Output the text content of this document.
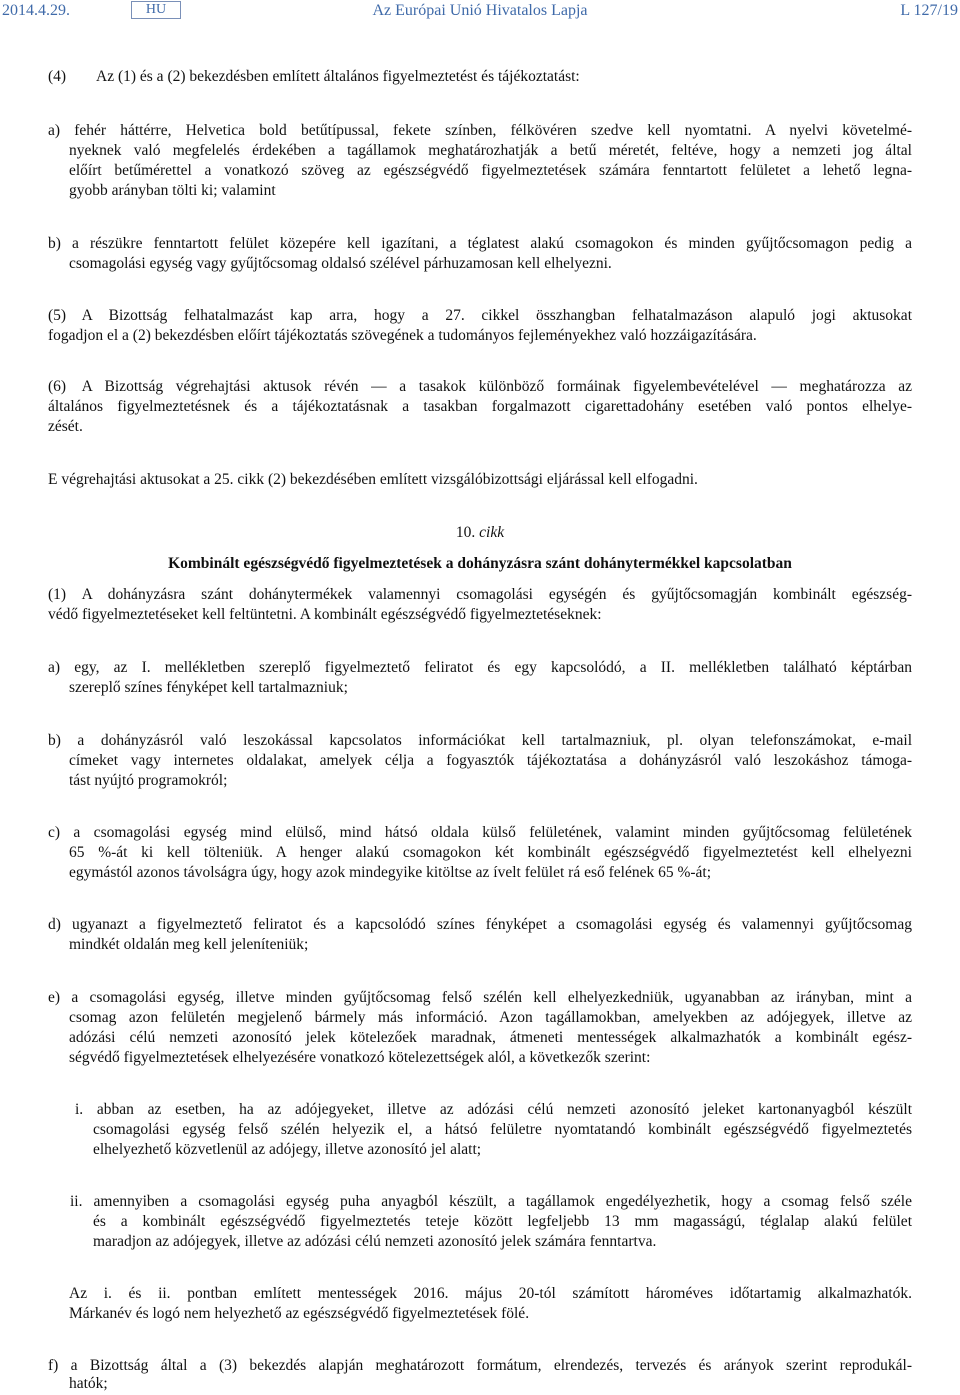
2014.4.29.	HU	Az Európai Unió Hivatalos Lapja	L 127/19
(4) Az (1) és a (2) bekezdésben említett általános figyelmeztetést és tájékoztatást:
a) fehér háttérre, Helvetica bold betűtípussal, fekete színben, félkövéren szedve kell nyomtatni. A nyelvi követelmé-
nyeknek való megfelelés érdekében a tagállamok meghatározhatják a betű méretét, feltéve, hogy a nemzeti jog által
előírt betűmérettel a vonatkozó szöveg az egészségvédő figyelmeztetések számára fenntartott felületet a lehető legna-
gyobb arányban tölti ki; valamint
b) a részükre fenntartott felület közepére kell igazítani, a téglatest alakú csomagokon és minden gyűjtőcsomagon pedig a
csomagolási egység vagy gyűjtőcsomag oldalsó szélével párhuzamosan kell elhelyezni.
(5) A Bizottság felhatalmazást kap arra, hogy a 27. cikkel összhangban felhatalmazáson alapuló jogi aktusokat
fogadjon el a (2) bekezdésben előírt tájékoztatás szövegének a tudományos fejleményekhez való hozzáigazítására.
(6) A Bizottság végrehajtási aktusok révén — a tasakok különböző formáinak figyelembevételével — meghatározza az
általános figyelmeztetésnek és a tájékoztatásnak a tasakban forgalmazott cigarettadohány esetében való pontos elhelye-
zését.
E végrehajtási aktusokat a 25. cikk (2) bekezdésében említett vizsgálóbizottsági eljárással kell elfogadni.
10. cikk
Kombinált egészségvédő figyelmeztetések a dohányzásra szánt dohánytermékkel kapcsolatban
(1) A dohányzásra szánt dohánytermékek valamennyi csomagolási egységén és gyűjtőcsomagján kombinált egészség-
védő figyelmeztetéseket kell feltüntetni. A kombinált egészségvédő figyelmeztetéseknek:
a) egy, az I. mellékletben szereplő figyelmeztető feliratot és egy kapcsolódó, a II. mellékletben található képtárban
szereplő színes fényképet kell tartalmazniuk;
b) a dohányzásról való leszokással kapcsolatos információkat kell tartalmazniuk, pl. olyan telefonszámokat, e-mail
címeket vagy internetes oldalakat, amelyek célja a fogyasztók tájékoztatása a dohányzásról való leszokáshoz támoga-
tást nyújtó programokról;
c) a csomagolási egység mind elülső, mind hátsó oldala külső felületének, valamint minden gyűjtőcsomag felületének
65 %-át ki kell tölteniük. A henger alakú csomagokon két kombinált egészségvédő figyelmeztetést kell elhelyezni
egymástól azonos távolságra úgy, hogy azok mindegyike kitöltse az ívelt felület rá eső felének 65 %-át;
d) ugyanazt a figyelmeztető feliratot és a kapcsolódó színes fényképet a csomagolási egység és valamennyi gyűjtőcsomag
mindkét oldalán meg kell jeleníteniük;
e) a csomagolási egység, illetve minden gyűjtőcsomag felső szélén kell elhelyezkedniük, ugyanabban az irányban, mint a
csomag azon felületén megjelenő bármely más információ. Azon tagállamokban, amelyekben az adójegyek, illetve az
adózási célú nemzeti azonosító jelek kötelezőek maradnak, átmeneti mentességek alkalmazhatók a kombinált egész-
ségvédő figyelmeztetések elhelyezésére vonatkozó kötelezettségek alól, a következők szerint:
i. abban az esetben, ha az adójegyeket, illetve az adózási célú nemzeti azonosító jeleket kartonanyagból készült
csomagolási egység felső szélén helyezik el, a hátsó felületre nyomtatandó kombinált egészségvédő figyelmeztetés
elhelyezhető közvetlenül az adójegy, illetve azonosító jel alatt;
ii. amennyiben a csomagolási egység puha anyagból készült, a tagállamok engedélyezhetik, hogy a csomag felső széle
és a kombinált egészségvédő figyelmeztetés teteje között legfeljebb 13 mm magasságú, téglalap alakú felület
maradjon az adójegyek, illetve az adózási célú nemzeti azonosító jelek számára fenntartva.
Az i. és ii. pontban említett mentességek 2016. május 20-tól számított hároméves időtartamig alkalmazhatók.
Márkanév és logó nem helyezhető az egészségvédő figyelmeztetések fölé.
f) a Bizottság által a (3) bekezdés alapján meghatározott formátum, elrendezés, tervezés és arányok szerint reprodukál-
hatók;
